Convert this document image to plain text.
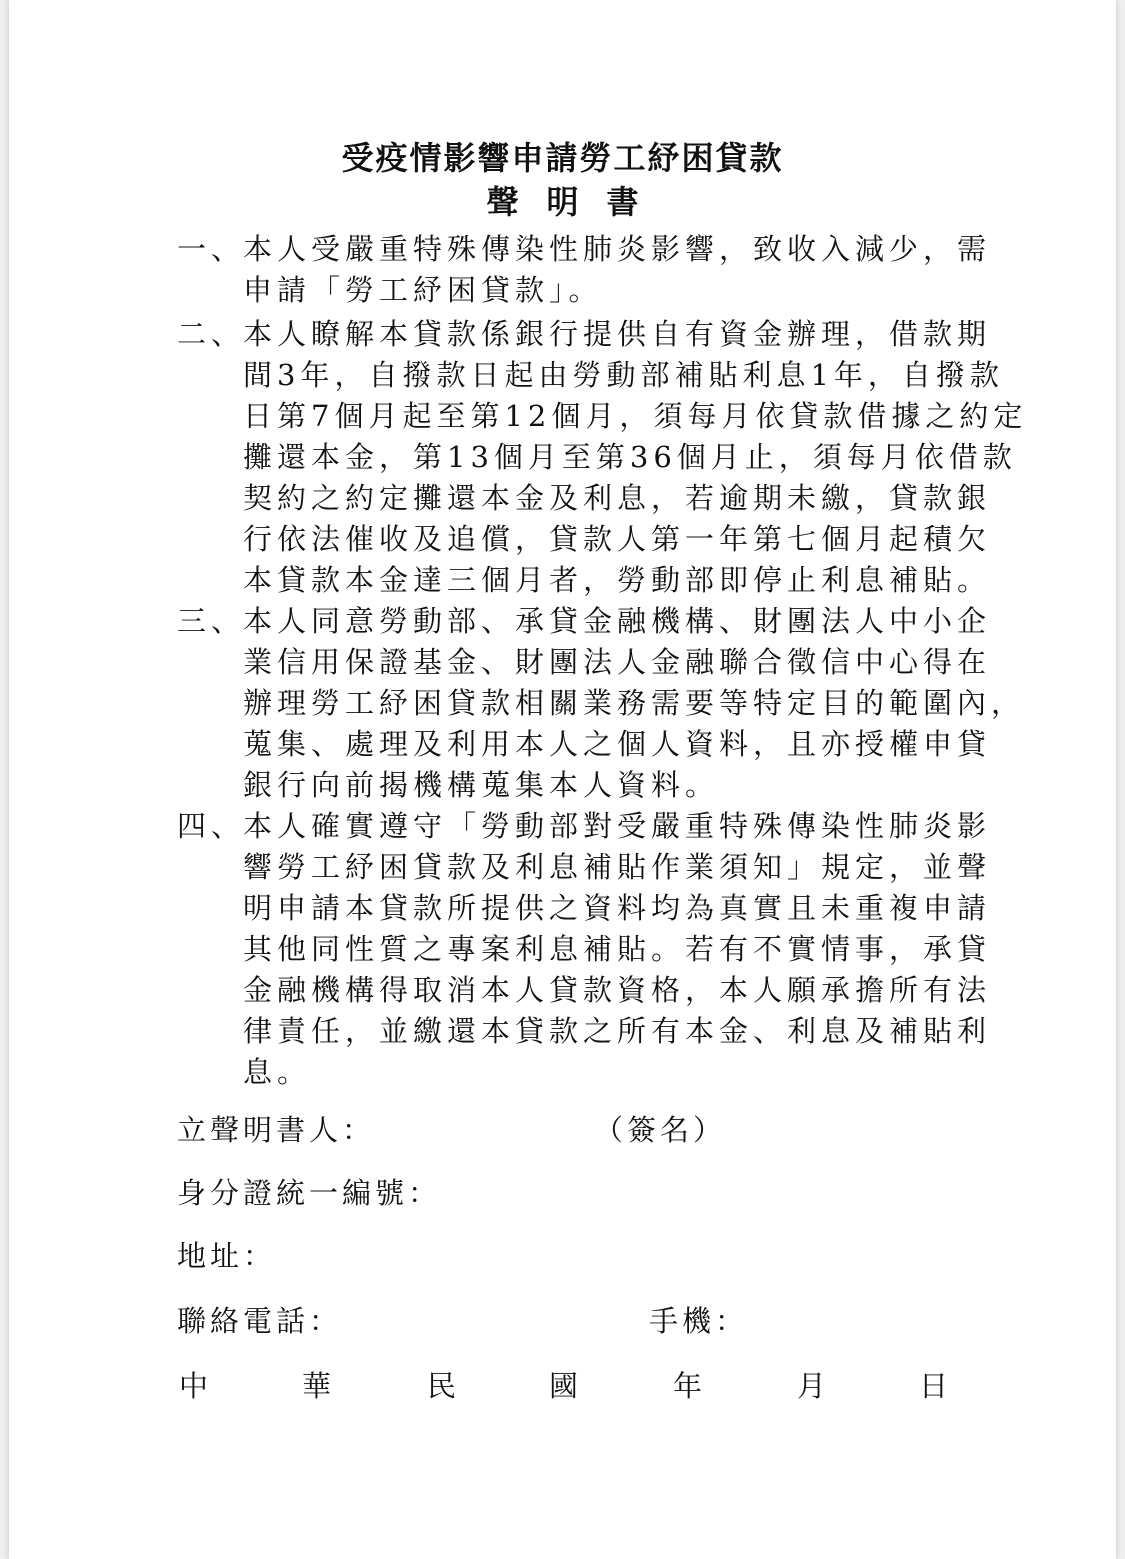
受疫情影響申請勞工紓困貸款
聲明書
一、
本人受嚴重特殊傳染性肺炎影響，致收入減少，需
申請「勞工紓困貸款」。
二、
本人瞭解本貸款係銀行提供自有資金辦理，借款期
間3年，自撥款日起由勞動部補貼利息1年，自撥款
日第7個月起至第12個月，須每月依貸款借據之約定
攤還本金，第13個月至第36個月止，須每月依借款
契約之約定攤還本金及利息，若逾期未繳，貸款銀
行依法催收及追償，貸款人第一年第七個月起積欠
本貸款本金達三個月者，勞動部即停止利息補貼。
三、
本人同意勞動部、承貸金融機構、財團法人中小企
業信用保證基金、財團法人金融聯合徵信中心得在
辦理勞工紓困貸款相關業務需要等特定目的範圍內，
蒐集、處理及利用本人之個人資料，且亦授權申貸
銀行向前揭機構蒐集本人資料。
四、
本人確實遵守「勞動部對受嚴重特殊傳染性肺炎影
響勞工紓困貸款及利息補貼作業須知」規定，並聲
明申請本貸款所提供之資料均為真實且未重複申請
其他同性質之專案利息補貼。若有不實情事，承貸
金融機構得取消本人貸款資格，本人願承擔所有法
律責任，並繳還本貸款之所有本金、利息及補貼利
息。
立聲明書人：	（簽名）
身分證統一編號：
地址：
聯絡電話：	手機：
中	華	民	國	年	月	日
